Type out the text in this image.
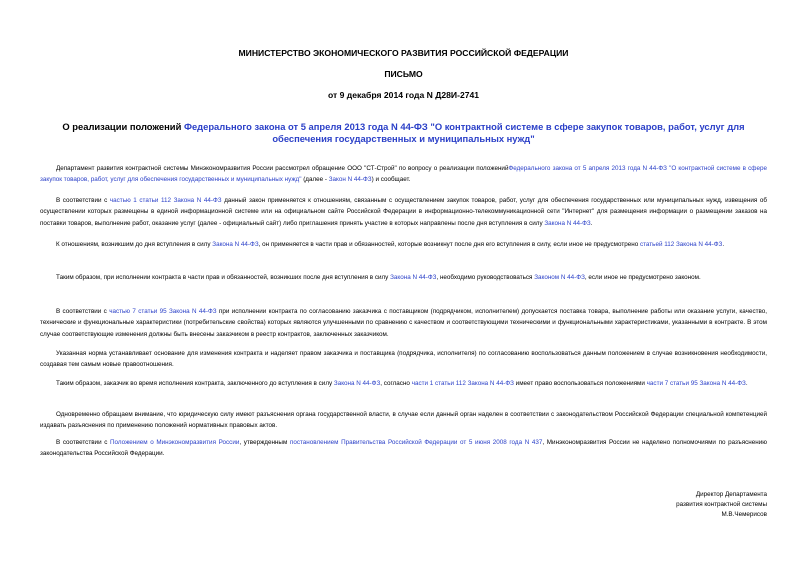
МИНИСТЕРСТВО ЭКОНОМИЧЕСКОГО РАЗВИТИЯ РОССИЙСКОЙ ФЕДЕРАЦИИ
ПИСЬМО
от 9 декабря 2014 года N Д28И-2741
О реализации положений Федерального закона от 5 апреля 2013 года N 44-ФЗ "О контрактной системе в сфере закупок товаров, работ, услуг для обеспечения государственных и муниципальных нужд"

Департамент развития контрактной системы Минэкономразвития России рассмотрел обращение ООО "СТ-Строй" по вопросу о реализации положенийФедерального закона от 5 апреля 2013 года N 44-ФЗ "О контрактной системе в сфере закупок товаров, работ, услуг для обеспечения государственных и муниципальных нужд" (далее - Закон N 44-ФЗ) и сообщает.

В соответствии с частью 1 статьи 112 Закона N 44-ФЗ данный закон применяется к отношениям, связанным с осуществлением закупок товаров, работ, услуг для обеспечения государственных или муниципальных нужд, извещения об осуществлении которых размещены в единой информационной системе или на официальном сайте Российской Федерации в информационно-телекоммуникационной сети "Интернет" для размещения информации о размещении заказов на поставки товаров, выполнение работ, оказание услуг (далее - официальный сайт) либо приглашения принять участие в которых направлены после дня вступления в силу Закона N 44-ФЗ.

К отношениям, возникшим до дня вступления в силу Закона N 44-ФЗ, он применяется в части прав и обязанностей, которые возникнут после дня его вступления в силу, если иное не предусмотрено статьей 112 Закона N 44-ФЗ.

Таким образом, при исполнении контракта в части прав и обязанностей, возникших после дня вступления в силу Закона N 44-ФЗ, необходимо руководствоваться Законом N 44-ФЗ, если иное не предусмотрено законом.

В соответствии с частью 7 статьи 95 Закона N 44-ФЗ при исполнении контракта по согласованию заказчика с поставщиком (подрядчиком, исполнителем) допускается поставка товара, выполнение работы или оказание услуги, качество, технические и функциональные характеристики (потребительские свойства) которых являются улучшенными по сравнению с качеством и соответствующими техническими и функциональными характеристиками, указанными в контракте. В этом случае соответствующие изменения должны быть внесены заказчиком в реестр контрактов, заключенных заказчиком.

Указанная норма устанавливает основание для изменения контракта и наделяет правом заказчика и поставщика (подрядчика, исполнителя) по согласованию воспользоваться данным положением в случае возникновения необходимости, создавая тем самым новые правоотношения.

Таким образом, заказчик во время исполнения контракта, заключенного до вступления в силу Закона N 44-ФЗ, согласно части 1 статьи 112 Закона N 44-ФЗ имеет право воспользоваться положениями части 7 статьи 95 Закона N 44-ФЗ.

Одновременно обращаем внимание, что юридическую силу имеют разъяснения органа государственной власти, в случае если данный орган наделен в соответствии с законодательством Российской Федерации специальной компетенцией издавать разъяснения по применению положений нормативных правовых актов.

В соответствии с Положением о Минэкономразвития России, утвержденным постановлением Правительства Российской Федерации от 5 июня 2008 года N 437, Минэкономразвития России не наделено полномочиями по разъяснению законодательства Российской Федерации.

Директор Департамента
развития контрактной системы
М.В.Чемерисов
